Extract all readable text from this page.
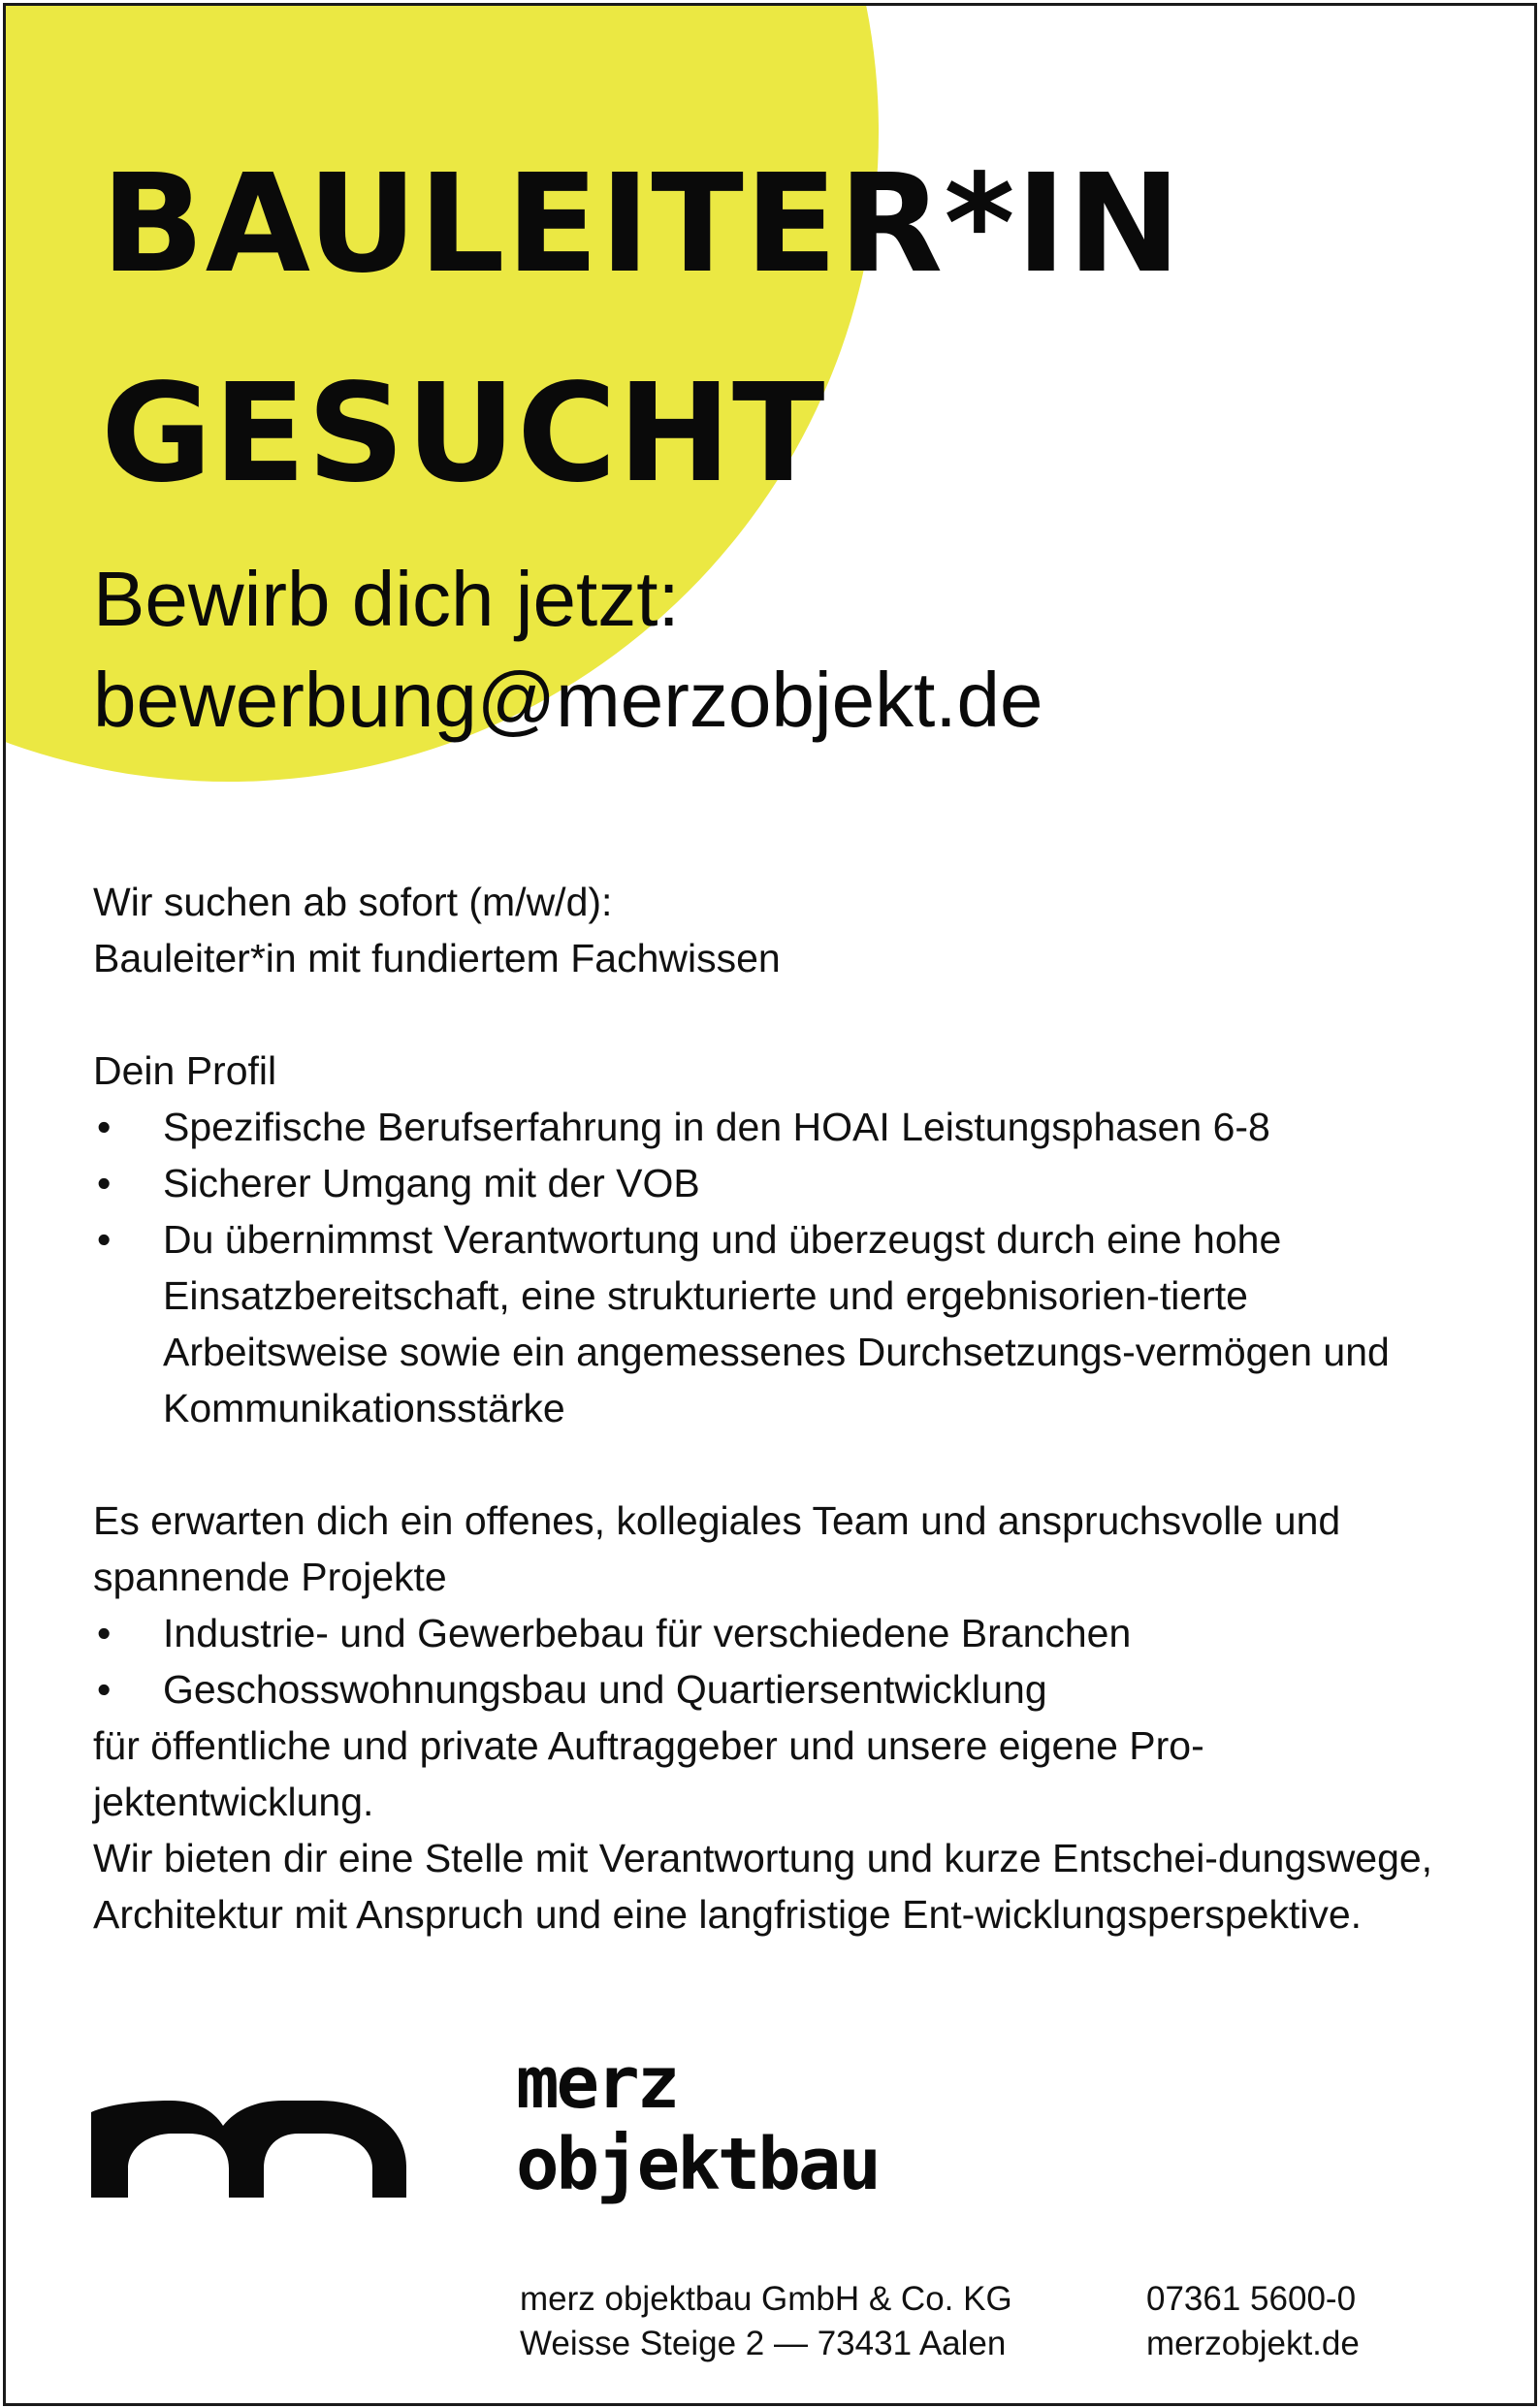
BAULEITER*IN
GESUCHT
Bewirb dich jetzt:
bewerbung@merzobjekt.de

Wir suchen ab sofort (m/w/d):

Bauleiter*in mit fundiertem Fachwissen

Dein Profil

• Spezifische Berufserfahrung in den HOAI Leistungsphasen 6-8
• Sicherer Umgang mit der VOB
• Du übernimmst Verantwortung und überzeugst durch eine hohe Einsatzbereitschaft, eine strukturierte und ergebnisorien-tierte Arbeitsweise sowie ein angemessenes Durchsetzungs-vermögen und Kommunikationsstärke

Es erwarten dich ein offenes, kollegiales Team und anspruchsvolle und spannende Projekte

• Industrie- und Gewerbebau für verschiedene Branchen
• Geschosswohnungsbau und Quartiersentwicklung

für öffentliche und private Auftraggeber und unsere eigene Pro-jektentwicklung.

Wir bieten dir eine Stelle mit Verantwortung und kurze Entschei-dungswege, Architektur mit Anspruch und eine langfristige Ent-wicklungsperspektive.

merz
objektbau
merz objektbau GmbH & Co. KG
Weisse Steige 2 — 73431 Aalen
07361 5600-0
merzobjekt.de
